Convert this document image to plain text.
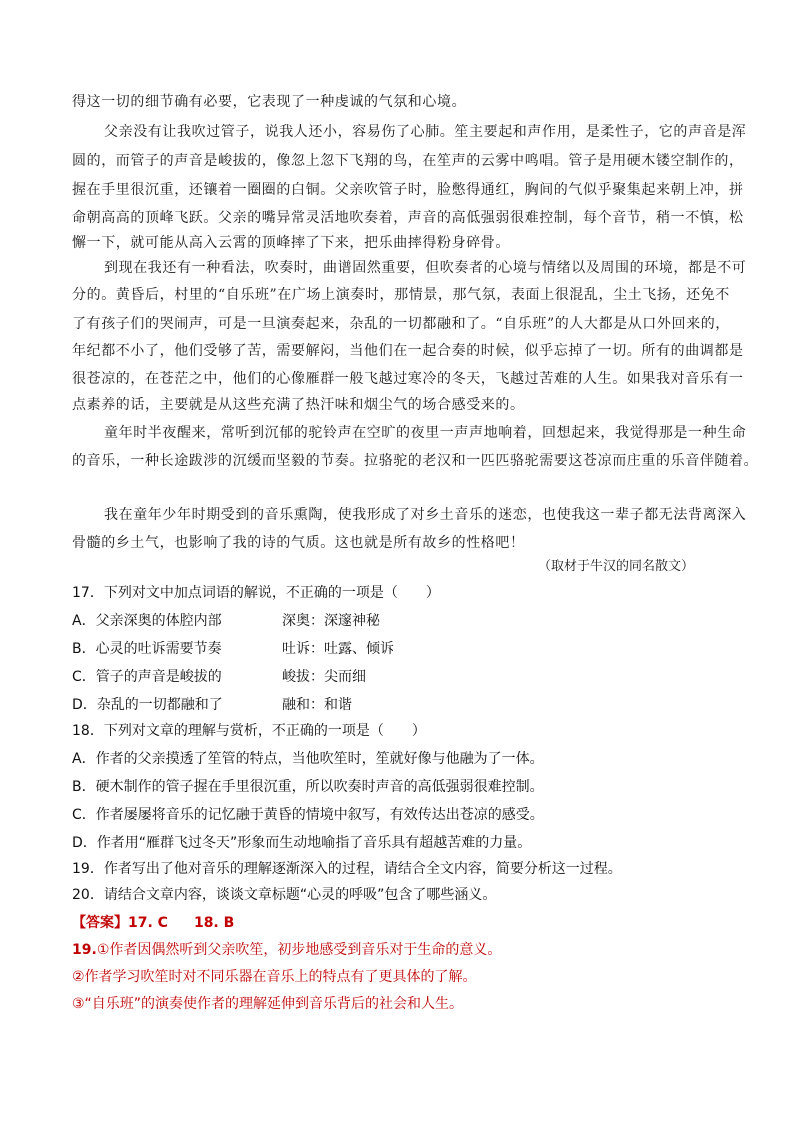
得这一切的细节确有必要，它表现了一种虔诚的气氛和心境。
父亲没有让我吹过管子，说我人还小，容易伤了心肺。笙主要起和声作用，是柔性子，它的声音是浑
圆的，而管子的声音是峻拔的，像忽上忽下飞翔的鸟，在笙声的云雾中鸣唱。管子是用硬木镂空制作的，
握在手里很沉重，还镶着一圈圈的白铜。父亲吹管子时，脸憋得通红，胸间的气似乎聚集起来朝上冲，拼
命朝高高的顶峰飞跃。父亲的嘴异常灵活地吹奏着，声音的高低强弱很难控制，每个音节，稍一不慎，松
懈一下，就可能从高入云霄的顶峰摔了下来，把乐曲摔得粉身碎骨。
到现在我还有一种看法，吹奏时，曲谱固然重要，但吹奏者的心境与情绪以及周围的环境，都是不可
分的。黄昏后，村里的“自乐班”在广场上演奏时，那情景，那气氛，表面上很混乱，尘土飞扬，还免不
了有孩子们的哭闹声，可是一旦演奏起来，杂乱的一切都融和了。“自乐班”的人大都是从口外回来的，
年纪都不小了，他们受够了苦，需要解闷，当他们在一起合奏的时候，似乎忘掉了一切。所有的曲调都是
很苍凉的，在苍茫之中，他们的心像雁群一般飞越过寒冷的冬天，飞越过苦难的人生。如果我对音乐有一
点素养的话，主要就是从这些充满了热汗味和烟尘气的场合感受来的。
童年时半夜醒来，常听到沉郁的驼铃声在空旷的夜里一声声地响着，回想起来，我觉得那是一种生命
的音乐，一种长途跋涉的沉缓而坚毅的节奏。拉骆驼的老汉和一匹匹骆驼需要这苍凉而庄重的乐音伴随着。
我在童年少年时期受到的音乐熏陶，使我形成了对乡土音乐的迷恋，也使我这一辈子都无法背离深入
骨髓的乡土气，也影响了我的诗的气质。这也就是所有故乡的性格吧！
（取材于牛汉的同名散文）
17．下列对文中加点词语的解说，不正确的一项是（　　）
A．父亲深奥的体腔内部	深奥：深邃神秘
B．心灵的吐诉需要节奏	吐诉：吐露、倾诉
C．管子的声音是峻拔的	峻拔：尖而细
D．杂乱的一切都融和了	融和：和谐
18．下列对文章的理解与赏析，不正确的一项是（　　）
A．作者的父亲摸透了笙管的特点，当他吹笙时，笙就好像与他融为了一体。
B．硬木制作的管子握在手里很沉重，所以吹奏时声音的高低强弱很难控制。
C．作者屡屡将音乐的记忆融于黄昏的情境中叙写，有效传达出苍凉的感受。
D．作者用“雁群飞过冬天”形象而生动地喻指了音乐具有超越苦难的力量。
19．作者写出了他对音乐的理解逐渐深入的过程，请结合全文内容，简要分析这一过程。
20．请结合文章内容，谈谈文章标题“心灵的呼吸”包含了哪些涵义。
【答案】17. C 18. B
19.①作者因偶然听到父亲吹笙，初步地感受到音乐对于生命的意义。
②作者学习吹笙时对不同乐器在音乐上的特点有了更具体的了解。
③“自乐班”的演奏使作者的理解延伸到音乐背后的社会和人生。
